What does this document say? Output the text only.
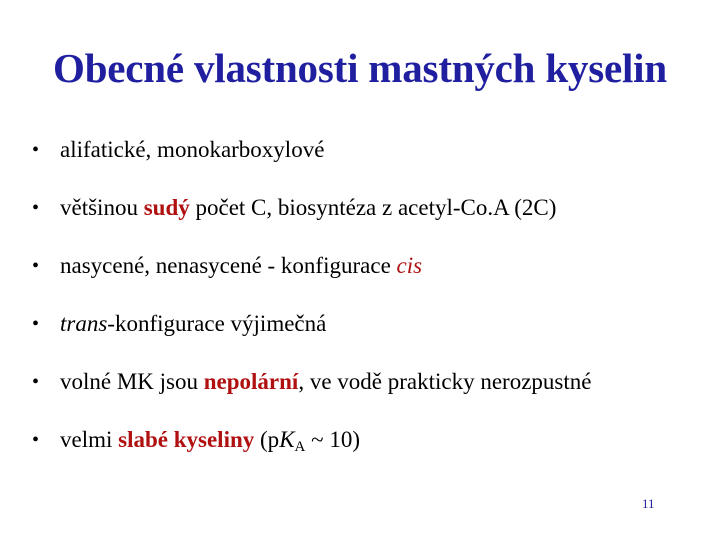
Obecné vlastnosti mastných kyselin
• alifatické, monokarboxylové
• většinou sudý počet C, biosyntéza z acetyl-Co.A (2C)
• nasycené, nenasycené - konfigurace cis
• trans-konfigurace výjimečná
• volné MK jsou nepolární, ve vodě prakticky nerozpustné
• velmi slabé kyseliny ($pK_A$ ~ 10)
11
